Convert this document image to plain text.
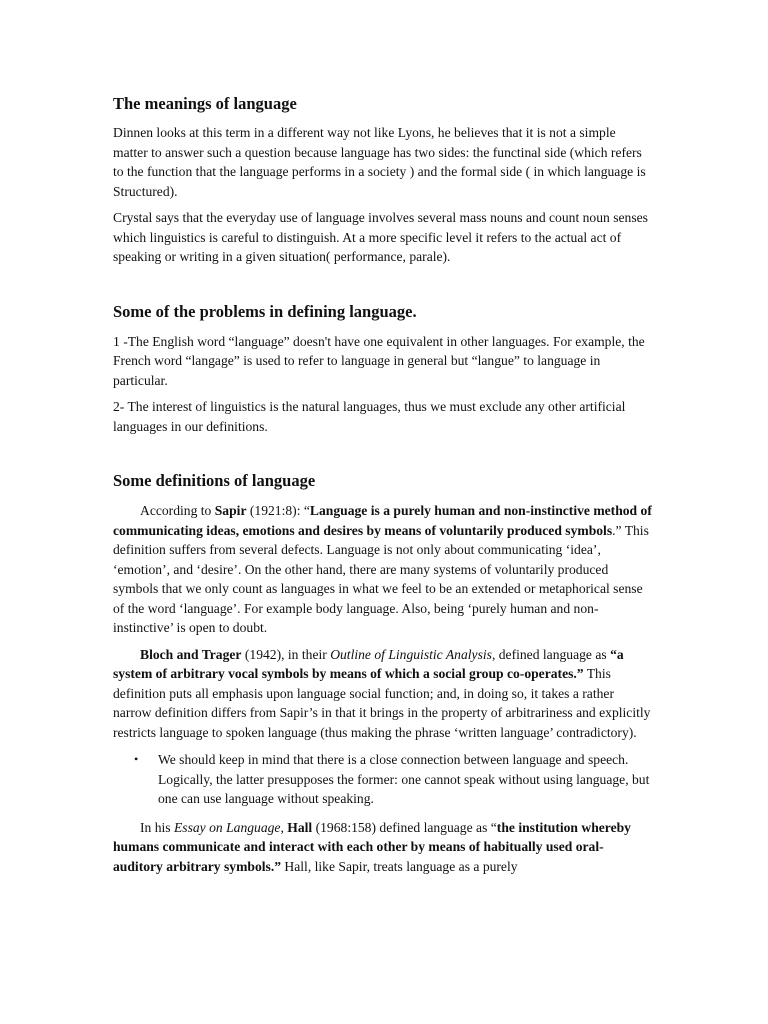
The meanings of language

Dinnen looks at this term in a different way not like Lyons, he believes that it is not a simple matter to answer such a question because language has two sides: the functinal side (which refers to the function that the language performs in a society ) and the formal side ( in which language is Structured).

Crystal says that the everyday use of language involves several mass nouns and count noun senses which linguistics is careful to distinguish. At a more specific level it refers to the actual act of speaking or writing in a given situation( performance, parale).

Some of the problems in defining language.

1 -The English word “language” doesn't have one equivalent in other languages. For example, the French word “langage” is used to refer to language in general but “langue” to language in particular.

2- The interest of linguistics is the natural languages, thus we must exclude any other artificial languages in our definitions.

Some definitions of language

According to Sapir (1921:8): “Language is a purely human and non-instinctive method of communicating ideas, emotions and desires by means of voluntarily produced symbols.” This definition suffers from several defects. Language is not only about communicating ‘idea’, ‘emotion’, and ‘desire’. On the other hand, there are many systems of voluntarily produced symbols that we only count as languages in what we feel to be an extended or metaphorical sense of the word ‘language’. For example body language. Also, being ‘purely human and non-instinctive’ is open to doubt.

Bloch and Trager (1942), in their Outline of Linguistic Analysis, defined language as “a system of arbitrary vocal symbols by means of which a social group co-operates.” This definition puts all emphasis upon language social function; and, in doing so, it takes a rather narrow definition differs from Sapir’s in that it brings in the property of arbitrariness and explicitly restricts language to spoken language (thus making the phrase ‘written language’ contradictory).

• We should keep in mind that there is a close connection between language and speech. Logically, the latter presupposes the former: one cannot speak without using language, but one can use language without speaking.

In his Essay on Language, Hall (1968:158) defined language as “the institution whereby humans communicate and interact with each other by means of habitually used oral-auditory arbitrary symbols.” Hall, like Sapir, treats language as a purely
